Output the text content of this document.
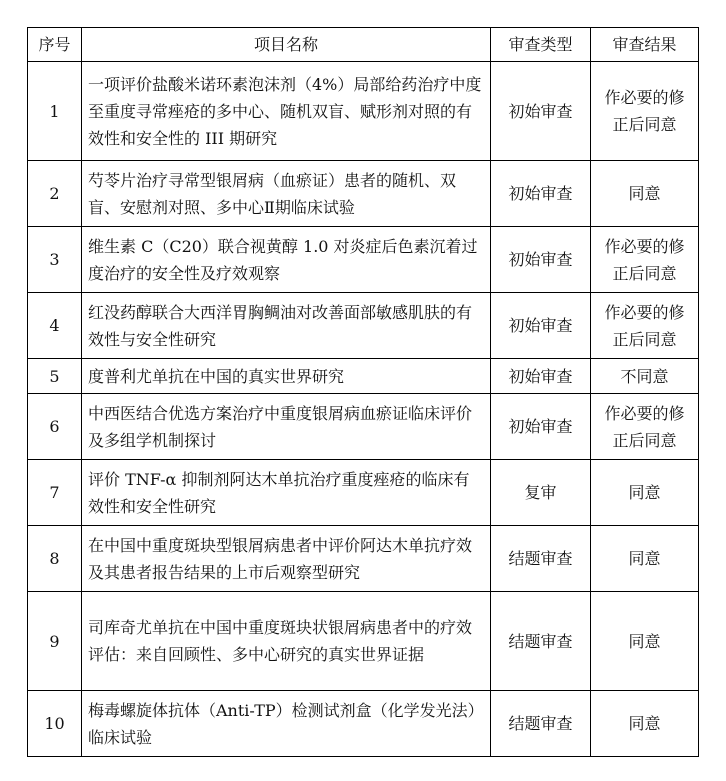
序号	项目名称	审查类型	审查结果
1	一项评价盐酸米诺环素泡沫剂（4%）局部给药治疗中度至重度寻常痤疮的多中心、随机双盲、赋形剂对照的有效性和安全性的 III 期研究	初始审查	作必要的修正后同意
2	芍苓片治疗寻常型银屑病（血瘀证）患者的随机、双盲、安慰剂对照、多中心Ⅱ期临床试验	初始审查	同意
3	维生素 C（C20）联合视黄醇 1.0 对炎症后色素沉着过度治疗的安全性及疗效观察	初始审查	作必要的修正后同意
4	红没药醇联合大西洋胃胸鲷油对改善面部敏感肌肤的有效性与安全性研究	初始审查	作必要的修正后同意
5	度普利尤单抗在中国的真实世界研究	初始审查	不同意
6	中西医结合优选方案治疗中重度银屑病血瘀证临床评价及多组学机制探讨	初始审查	作必要的修正后同意
7	评价 TNF-α 抑制剂阿达木单抗治疗重度痤疮的临床有效性和安全性研究	复审	同意
8	在中国中重度斑块型银屑病患者中评价阿达木单抗疗效及其患者报告结果的上市后观察型研究	结题审查	同意
9	司库奇尤单抗在中国中重度斑块状银屑病患者中的疗效评估：来自回顾性、多中心研究的真实世界证据	结题审查	同意
10	梅毒螺旋体抗体（Anti-TP）检测试剂盒（化学发光法）临床试验	结题审查	同意
